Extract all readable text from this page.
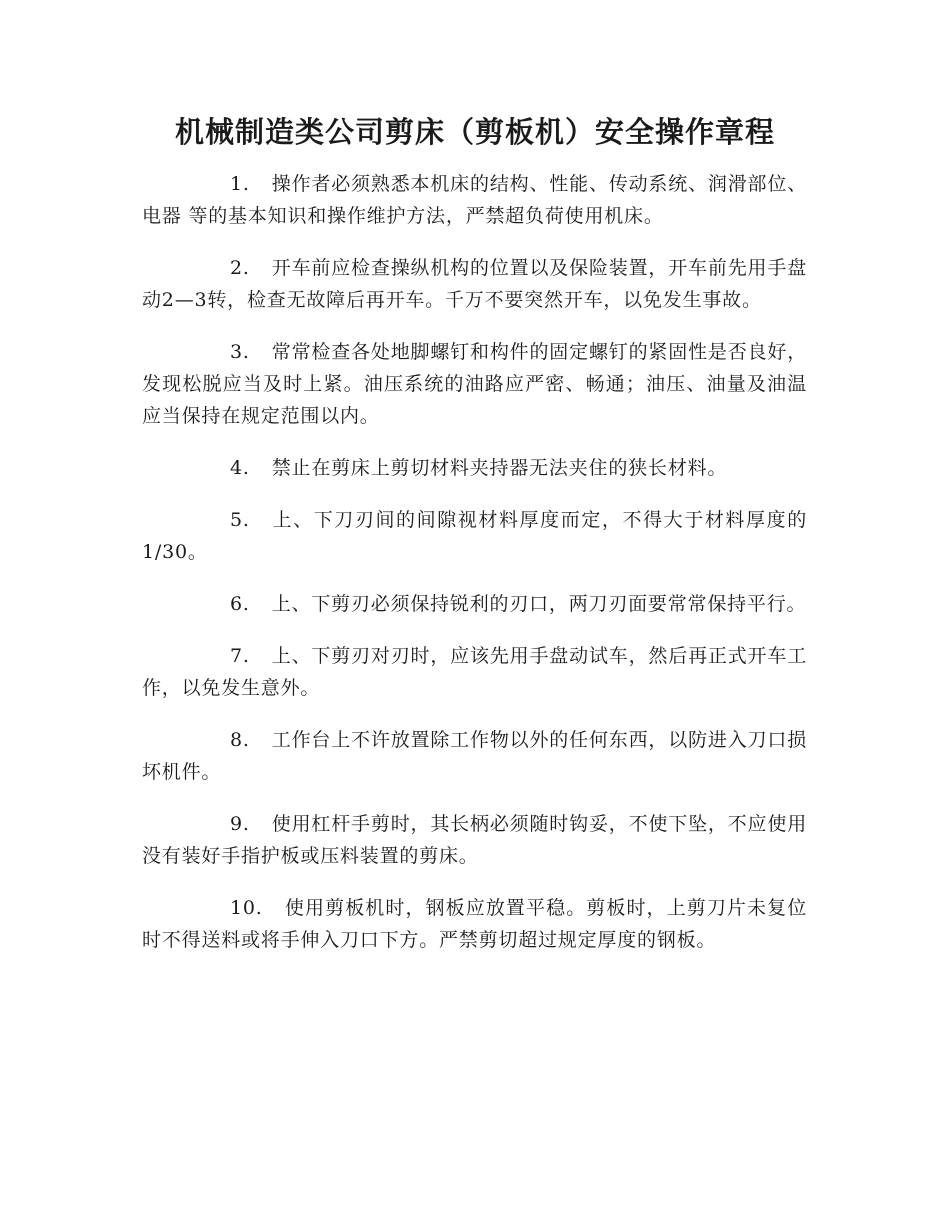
机械制造类公司剪床（剪板机）安全操作章程

1. 操作者必须熟悉本机床的结构、性能、传动系统、润滑部位、电器 等的基本知识和操作维护方法，严禁超负荷使用机床。

2. 开车前应检查操纵机构的位置以及保险装置，开车前先用手盘动2—3转，检查无故障后再开车。千万不要突然开车，以免发生事故。

3. 常常检查各处地脚螺钉和构件的固定螺钉的紧固性是否良好，发现松脱应当及时上紧。油压系统的油路应严密、畅通；油压、油量及油温应当保持在规定范围以内。

4. 禁止在剪床上剪切材料夹持器无法夹住的狭长材料。

5. 上、下刀刃间的间隙视材料厚度而定，不得大于材料厚度的1/30。

6. 上、下剪刃必须保持锐利的刃口，两刀刃面要常常保持平行。

7. 上、下剪刃对刃时，应该先用手盘动试车，然后再正式开车工作，以免发生意外。

8. 工作台上不许放置除工作物以外的任何东西，以防进入刀口损坏机件。

9. 使用杠杆手剪时，其长柄必须随时钩妥，不使下坠，不应使用没有装好手指护板或压料装置的剪床。

10. 使用剪板机时，钢板应放置平稳。剪板时，上剪刀片未复位时不得送料或将手伸入刀口下方。严禁剪切超过规定厚度的钢板。
